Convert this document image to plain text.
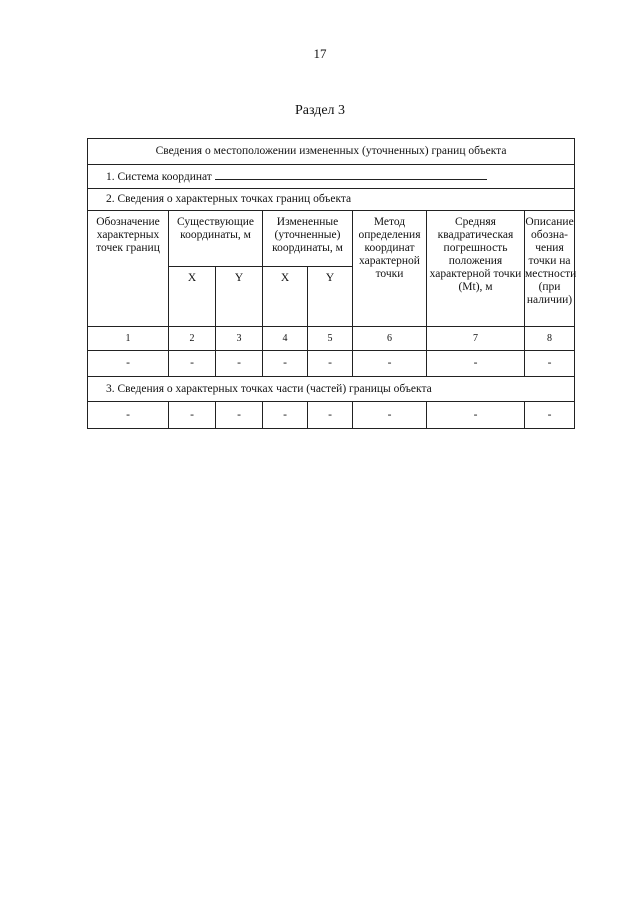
17
Раздел 3
Сведения о местоположении измененных (уточненных) границ объекта							
1. Система координат							
2. Сведения о характерных точках границ объекта							
Обозначение характерных точек границ	Существующие координаты, м		Измененные (уточненные) координаты, м		Метод определения координат характерной точки	Средняя квадратическая погрешность положения характерной точки (Mt), м	Описание обозна- чения точки на местности (при наличии)
	X	Y	X	Y			
1	2	3	4	5	6	7	8
-	-	-	-	-	-	-	-
3. Сведения о характерных точках части (частей) границы объекта							
-	-	-	-	-	-	-	-
